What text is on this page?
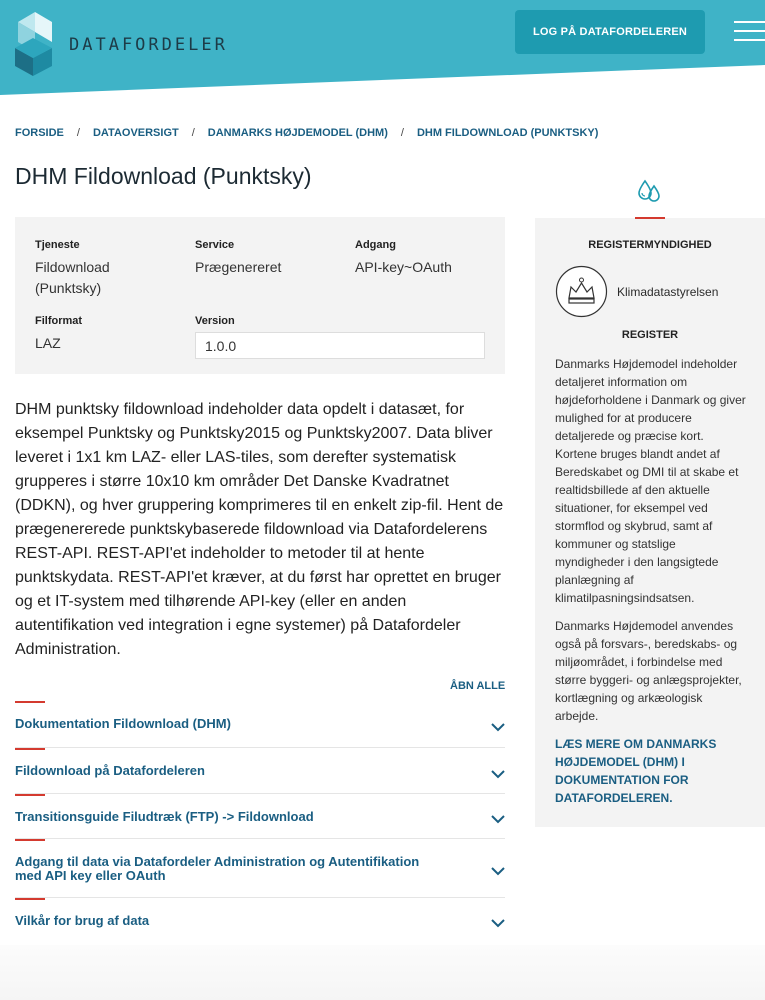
DATAFORDELER
LOG PÅ DATAFORDELEREN
FORSIDE / DATAOVERSIGT / DANMARKS HØJDEMODEL (DHM) / DHM FILDOWNLOAD (PUNKTSKY)
DHM Fildownload (Punktsky)
Tjeneste
Fildownload (Punktsky)
Service
Prægenereret
Adgang
API-key~OAuth
Filformat
LAZ
Version
1.0.0

DHM punktsky fildownload indeholder data opdelt i datasæt, for eksempel Punktsky og Punktsky2015 og Punktsky2007. Data bliver leveret i 1x1 km LAZ- eller LAS-tiles, som derefter systematisk grupperes i større 10x10 km områder Det Danske Kvadratnet (DDKN), og hver gruppering komprimeres til en enkelt zip-fil. Hent de prægenererede punktskybaserede fildownload via Datafordelerens REST-API. REST-API'et indeholder to metoder til at hente punktskydata. REST-API'et kræver, at du først har oprettet en bruger og et IT-system med tilhørende API-key (eller en anden autentifikation ved integration i egne systemer) på Datafordeler Administration.

ÅBN ALLE
Dokumentation Fildownload (DHM)
Fildownload på Datafordeleren
Transitionsguide Filudtræk (FTP) -> Fildownload
Adgang til data via Datafordeler Administration og Autentifikation med API key eller OAuth
Vilkår for brug af data
REGISTERMYNDIGHED
Klimadatastyrelsen
REGISTER
Danmarks Højdemodel indeholder detaljeret information om højdeforholdene i Danmark og giver mulighed for at producere detaljerede og præcise kort. Kortene bruges blandt andet af Beredskabet og DMI til at skabe et realtidsbillede af den aktuelle situationer, for eksempel ved stormflod og skybrud, samt af kommuner og statslige myndigheder i den langsigtede planlægning af klimatilpasningsindsatsen.
Danmarks Højdemodel anvendes også på forsvars-, beredskabs- og miljøområdet, i forbindelse med større byggeri- og anlægsprojekter, kortlægning og arkæologisk arbejde.
LÆS MERE OM DANMARKS HØJDEMODEL (DHM) I DOKUMENTATION FOR DATAFORDELEREN.
